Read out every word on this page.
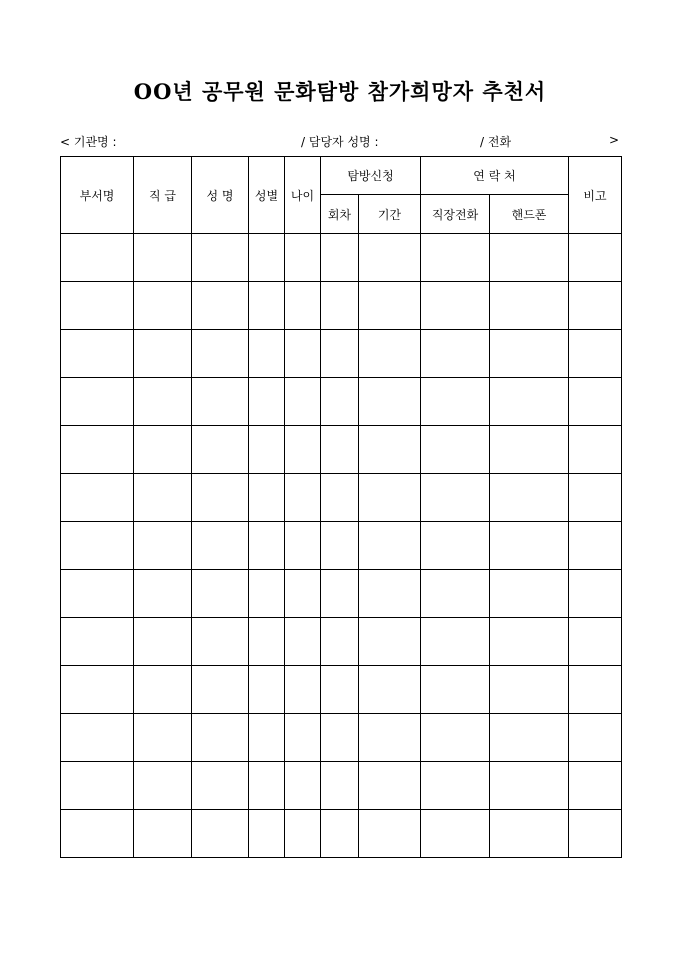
OO년 공무원 문화탐방 참가희망자 추천서
< 기관명 :	/ 담당자 성명 :	/ 전화	>
부서명	직 급	성 명	성별	나이	탐방신청		연 락 처		비고
					회차	기간	직장전화	핸드폰	
